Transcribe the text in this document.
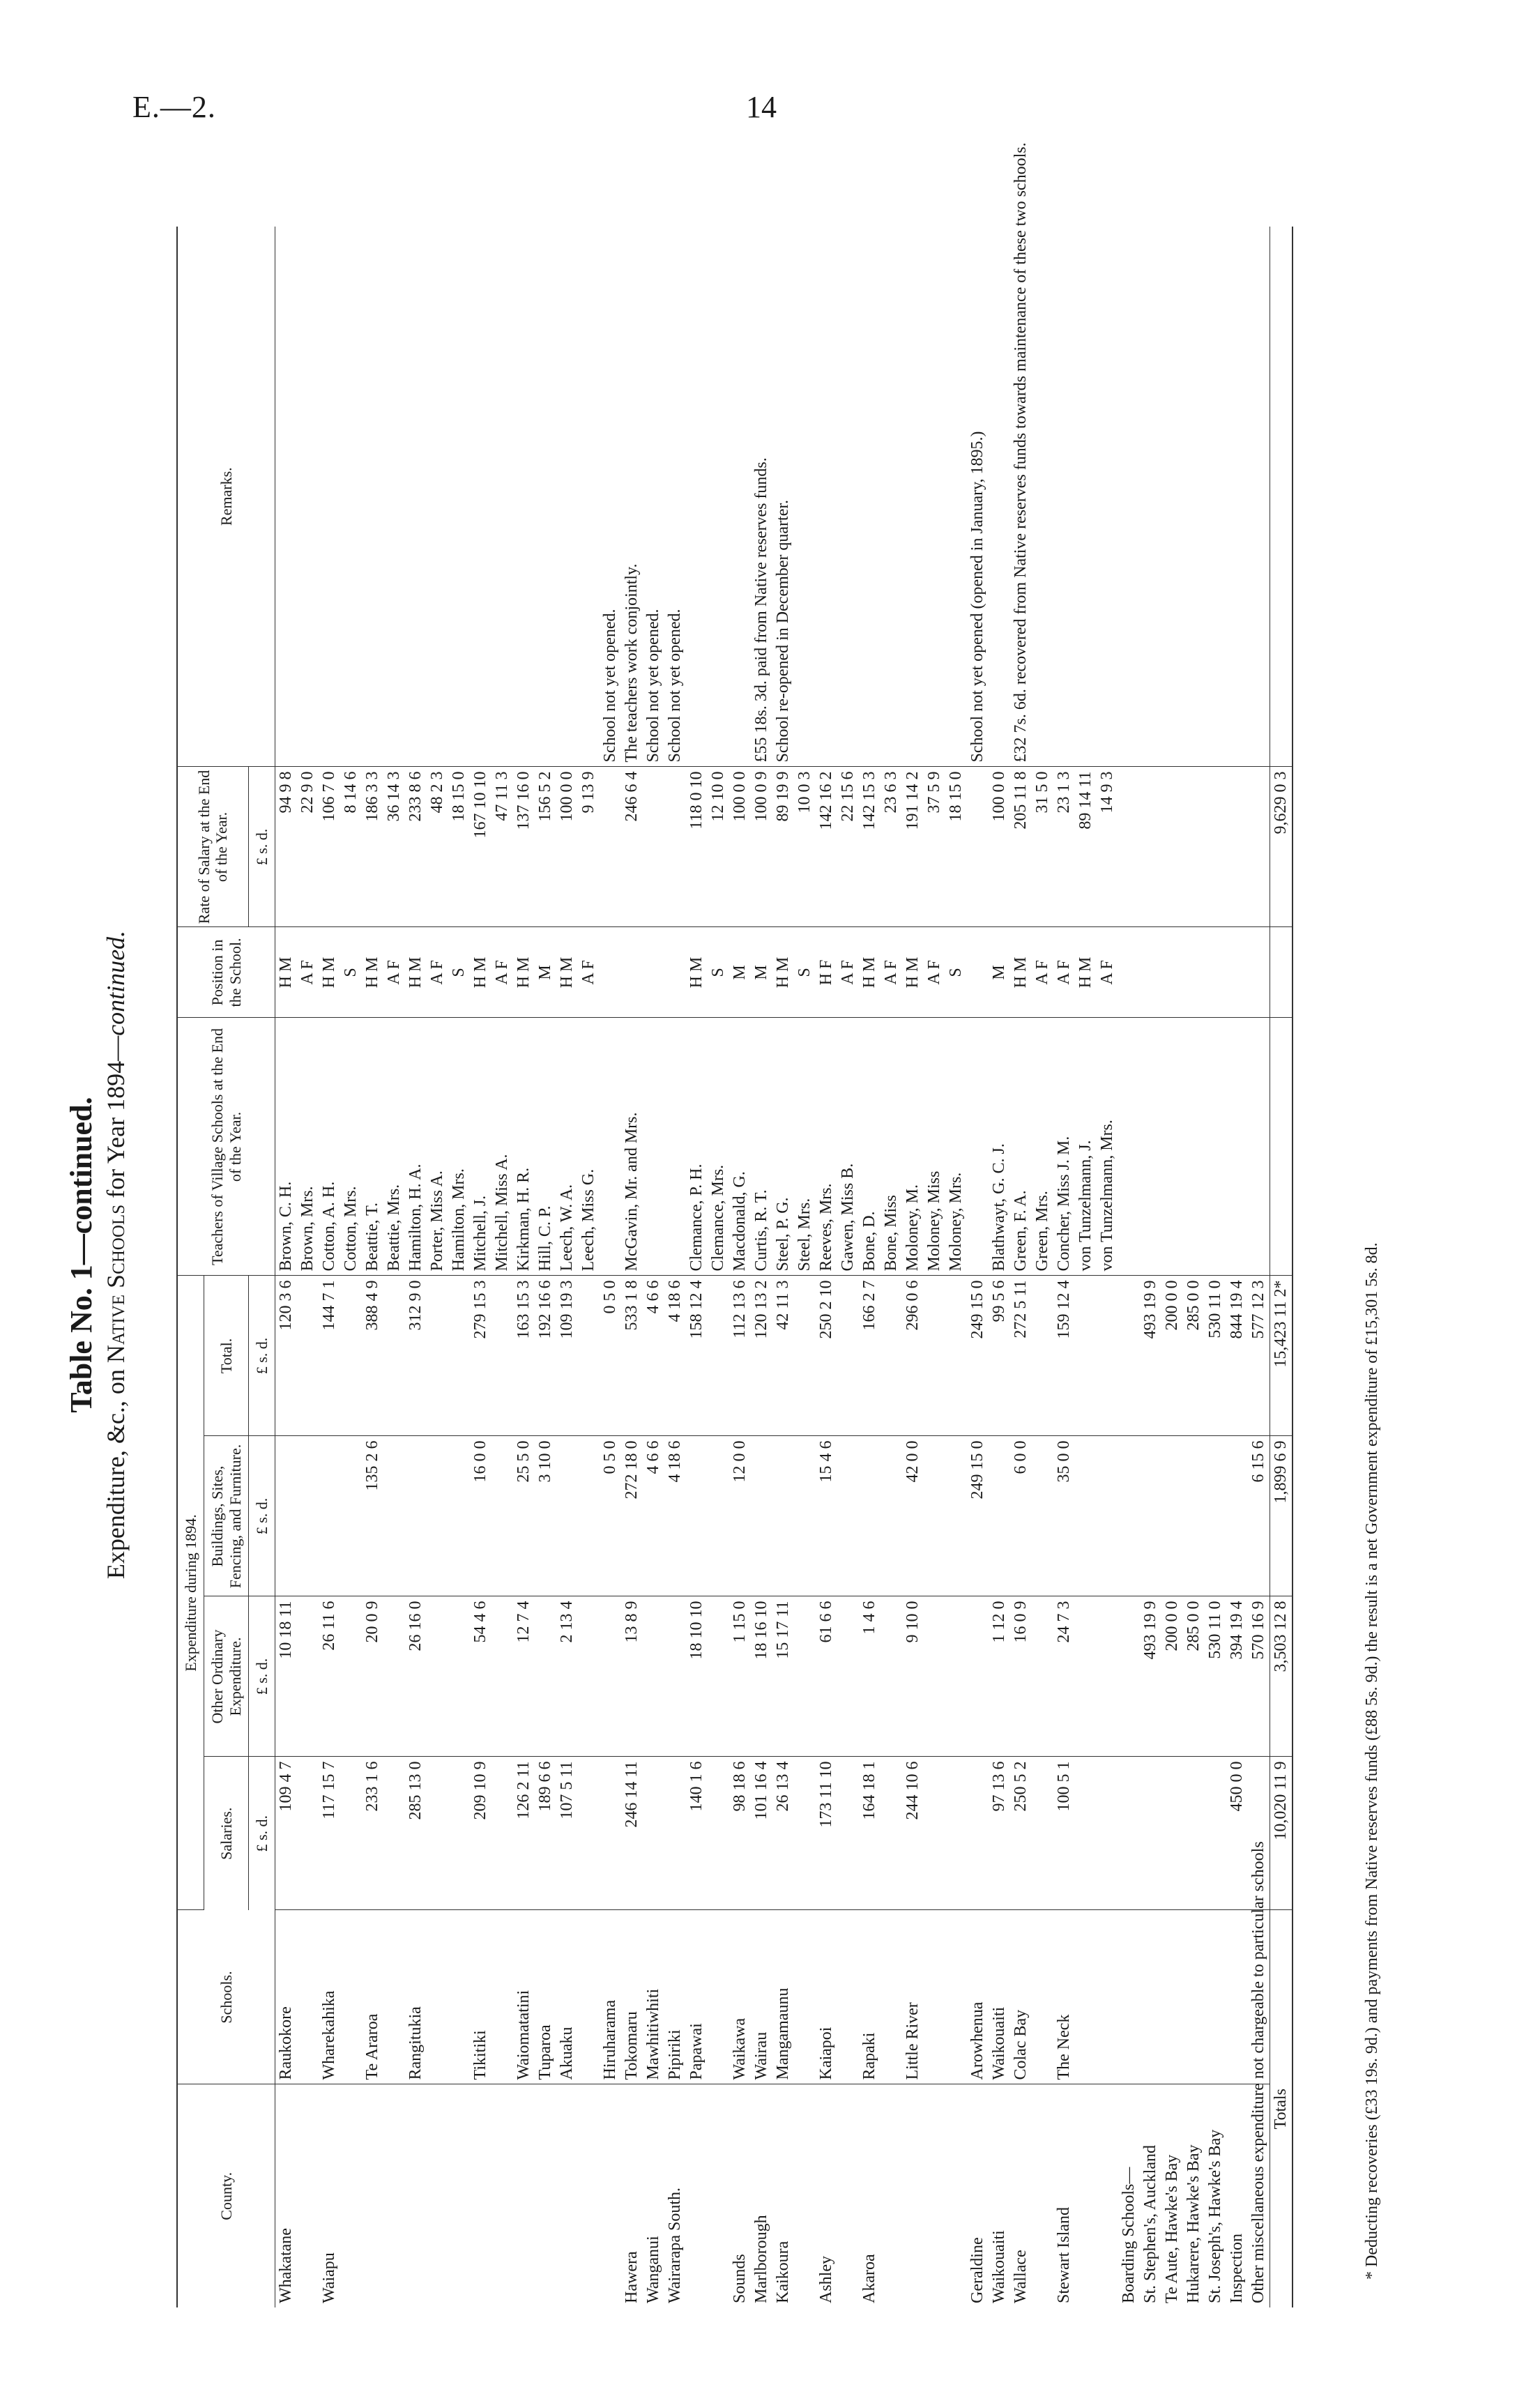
E.—2.	14
Table No. 1—continued.
Expenditure, &c., on Native Schools for Year 1894—continued.
County.	Schools.	Expenditure during 1894.				Teachers of Village Schools at the End of the Year.	Position in the School.	Rate of Salary at the End of the Year.	Remarks.
		Salaries.	Other Ordinary Expenditure.	Buildings, Sites, Fencing, and Furniture.	Total.				
		£ s. d.	£ s. d.	£ s. d.	£ s. d.			£ s. d.	
Whakatane	Raukokore	109 4 7	10 18 11		120 3 6	Brown, C. H.	H M	94 9 8	
						Brown, Mrs.	A F	22 9 0	
Waiapu	Wharekahika	117 15 7	26 11 6		144 7 1	Cotton, A. H.	H M	106 7 0	
						Cotton, Mrs.	S	8 14 6	
	Te Araroa	233 1 6	20 0 9	135 2 6	388 4 9	Beattie, T.	H M	186 3 3	
						Beattie, Mrs.	A F	36 14 3	
	Rangitukia	285 13 0	26 16 0		312 9 0	Hamilton, H. A.	H M	233 8 6	
						Porter, Miss A.	A F	48 2 3	
						Hamilton, Mrs.	S	18 15 0	
	Tikitiki	209 10 9	54 4 6	16 0 0	279 15 3	Mitchell, J.	H M	167 10 10	
						Mitchell, Miss A.	A F	47 11 3	
	Waiomatatini	126 2 11	12 7 4	25 5 0	163 15 3	Kirkman, H. R.	H M	137 16 0	
	Tuparoa	189 6 6		3 10 0	192 16 6	Hill, C. P.	M	156 5 2	
	Akuaku	107 5 11	2 13 4		109 19 3	Leech, W. A.	H M	100 0 0	
						Leech, Miss G.	A F	9 13 9	
	Hiruharama			0 5 0	0 5 0				School not yet opened.
Hawera	Tokomaru	246 14 11	13 8 9	272 18 0	533 1 8	McGavin, Mr. and Mrs.		246 6 4	The teachers work conjointly.
Wanganui	Mawhitiwhiti			4 6 6	4 6 6				School not yet opened.
Wairarapa South.	Pipiriki			4 18 6	4 18 6				School not yet opened.
	Papawai	140 1 6	18 10 10		158 12 4	Clemance, P. H.	H M	118 0 10	
						Clemance, Mrs.	S	12 10 0	
Sounds	Waikawa	98 18 6	1 15 0	12 0 0	112 13 6	Macdonald, G.	M	100 0 0	
Marlborough	Wairau	101 16 4	18 16 10		120 13 2	Curtis, R. T.	M	100 0 9	£55 18s. 3d. paid from Native reserves funds.
Kaikoura	Mangamaunu	26 13 4	15 17 11		42 11 3	Steel, P. G.	H M	89 19 9	School re-opened in December quarter.
						Steel, Mrs.	S	10 0 3	
Ashley	Kaiapoi	173 11 10	61 6 6	15 4 6	250 2 10	Reeves, Mrs.	H F	142 16 2	
						Gawen, Miss B.	A F	22 15 6	
Akaroa	Rapaki	164 18 1	1 4 6		166 2 7	Bone, D.	H M	142 15 3	
						Bone, Miss	A F	23 6 3	
	Little River	244 10 6	9 10 0	42 0 0	296 0 6	Moloney, M.	H M	191 14 2	
						Moloney, Miss	A F	37 5 9	
						Moloney, Mrs.	S	18 15 0	
Geraldine	Arowhenua			249 15 0	249 15 0				School not yet opened (opened in January, 1895.)
Waikouaiti	Waikouaiti	97 13 6	1 12 0		99 5 6	Blathwayt, G. C. J.	M	100 0 0	
Wallace	Colac Bay	250 5 2	16 0 9	6 0 0	272 5 11	Green, F. A.	H M	205 11 8	£32 7s. 6d. recovered from Native reserves funds towards maintenance of these two schools.
						Green, Mrs.	A F	31 5 0	
Stewart Island	The Neck	100 5 1	24 7 3	35 0 0	159 12 4	Concher, Miss J. M.	A F	23 1 3	
						von Tunzelmann, J.	H M	89 14 11	
						von Tunzelmann, Mrs.	A F	14 9 3	
Boarding Schools—									
St. Stephen's, Auckland			493 19 9		493 19 9				
Te Aute, Hawke's Bay			200 0 0		200 0 0				
Hukarere, Hawke's Bay			285 0 0		285 0 0				
St. Joseph's, Hawke's Bay			530 11 0		530 11 0				
Inspection		450 0 0	394 19 4		844 19 4				
Other miscellaneous expenditure not chargeable to particular schools			570 16 9	6 15 6	577 12 3				
Totals		10,020 11 9	3,503 12 8	1,899 6 9	15,423 11 2*			9,629 0 3	
* Deducting recoveries (£33 19s. 9d.) and payments from Native reserves funds (£88 5s. 9d.) the result is a net Government expenditure of £15,301 5s. 8d.
